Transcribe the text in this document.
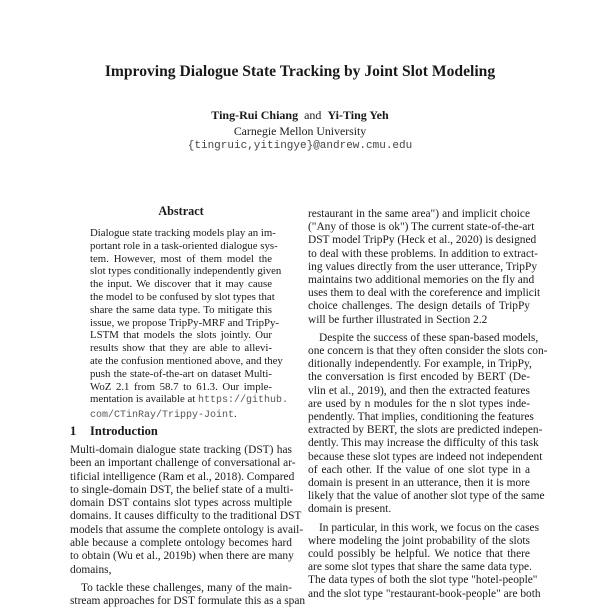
Improving Dialogue State Tracking by Joint Slot Modeling
Ting-Rui Chiang and Yi-Ting Yeh
Carnegie Mellon University
{tingruic,yitingye}@andrew.cmu.edu
Abstract
Dialogue state tracking models play an im-
portant role in a task-oriented dialogue sys-
tem. However, most of them model the
slot types conditionally independently given
the input. We discover that it may cause
the model to be confused by slot types that
share the same data type. To mitigate this
issue, we propose TripPy-MRF and TripPy-
LSTM that models the slots jointly. Our
results show that they are able to allevi-
ate the confusion mentioned above, and they
push the state-of-the-art on dataset Multi-
WoZ 2.1 from 58.7 to 61.3. Our imple-
mentation is available at https://github.
com/CTinRay/Trippy-Joint.
1 Introduction
Multi-domain dialogue state tracking (DST) has
been an important challenge of conversational ar-
tificial intelligence (Ram et al., 2018). Compared
to single-domain DST, the belief state of a multi-
domain DST contains slot types across multiple
domains. It causes difficulty to the traditional DST
models that assume the complete ontology is avail-
able because a complete ontology becomes hard
to obtain (Wu et al., 2019b) when there are many
domains,
To tackle these challenges, many of the main-
stream approaches for DST formulate this as a span
restaurant in the same area") and implicit choice
("Any of those is ok") The current state-of-the-art
DST model TripPy (Heck et al., 2020) is designed
to deal with these problems. In addition to extract-
ing values directly from the user utterance, TripPy
maintains two additional memories on the fly and
uses them to deal with the coreference and implicit
choice challenges. The design details of TripPy
will be further illustrated in Section 2.2
Despite the success of these span-based models,
one concern is that they often consider the slots con-
ditionally independently. For example, in TripPy,
the conversation is first encoded by BERT (De-
vlin et al., 2019), and then the extracted features
are used by n modules for the n slot types inde-
pendently. That implies, conditioning the features
extracted by BERT, the slots are predicted indepen-
dently. This may increase the difficulty of this task
because these slot types are indeed not independent
of each other. If the value of one slot type in a
domain is present in an utterance, then it is more
likely that the value of another slot type of the same
domain is present.
In particular, in this work, we focus on the cases
where modeling the joint probability of the slots
could possibly be helpful. We notice that there
are some slot types that share the same data type.
The data types of both the slot type "hotel-people"
and the slot type "restaurant-book-people" are both
